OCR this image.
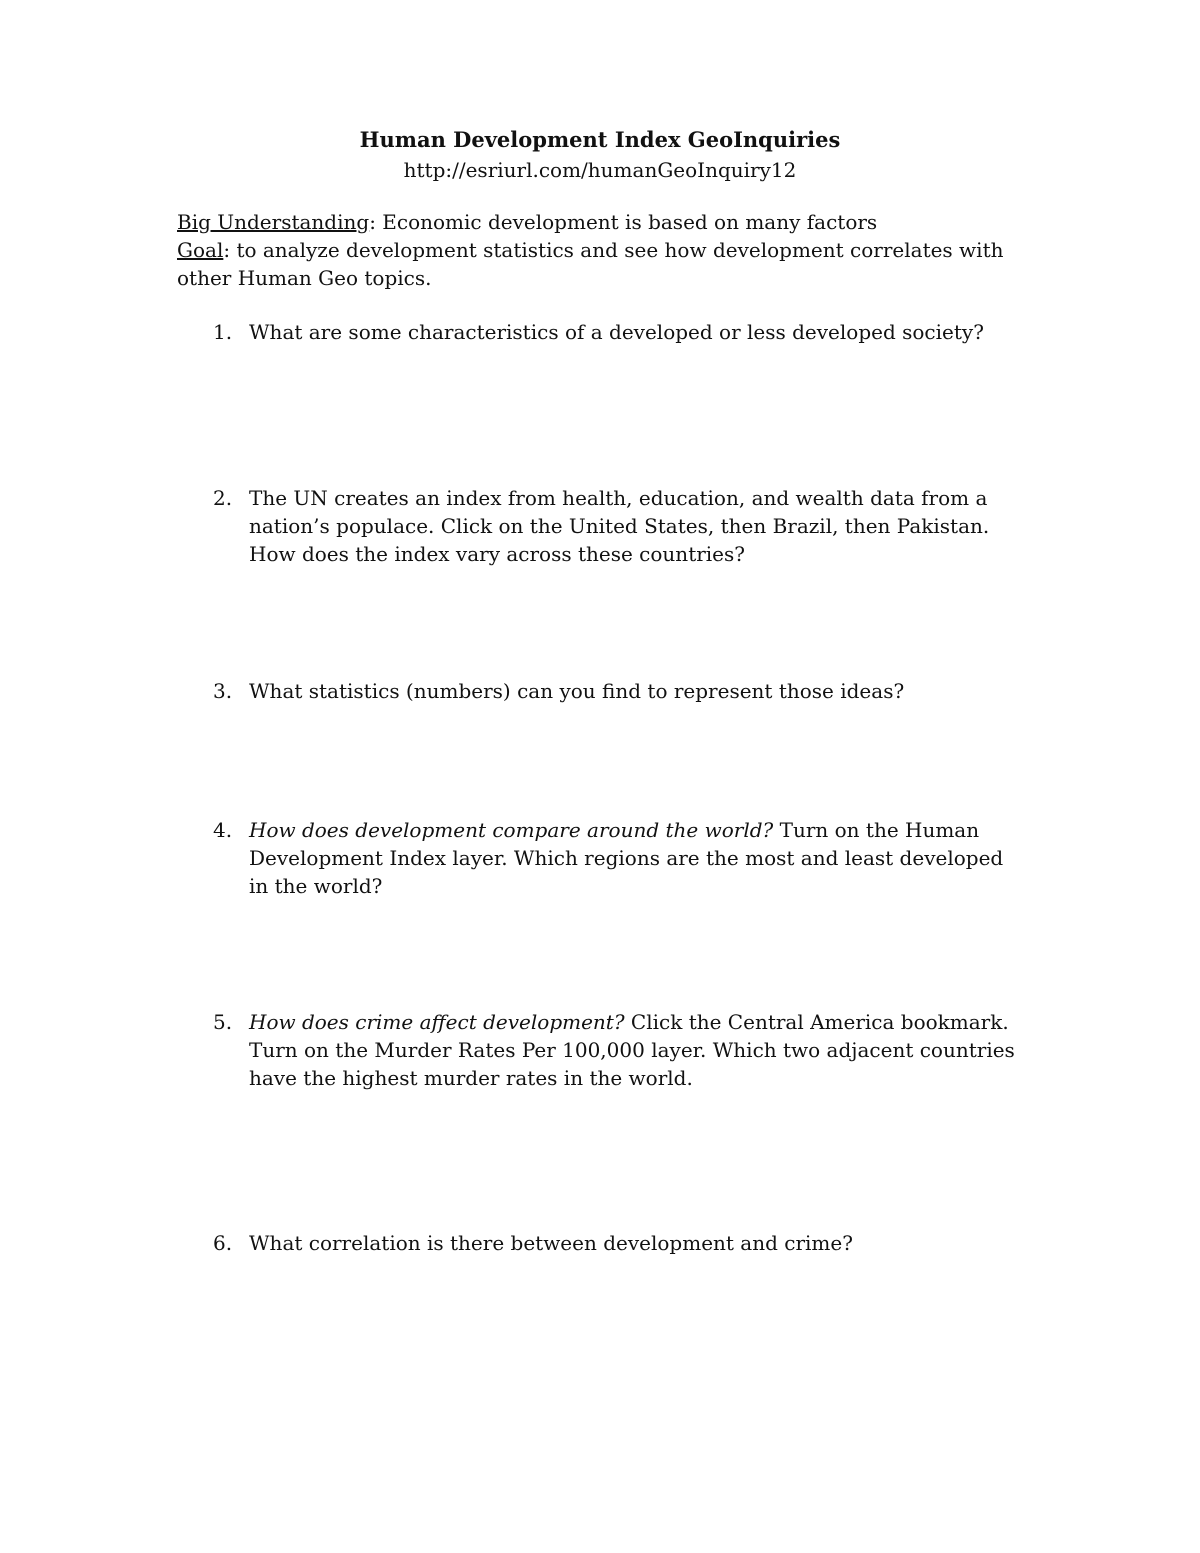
Human Development Index GeoInquiries
http://esriurl.com/humanGeoInquiry12

Big Understanding: Economic development is based on many factors

Goal: to analyze development statistics and see how development correlates with other Human Geo topics.

1. What are some characteristics of a developed or less developed society?
2. The UN creates an index from health, education, and wealth data from a nation’s populace. Click on the United States, then Brazil, then Pakistan. How does the index vary across these countries?
3. What statistics (numbers) can you find to represent those ideas?
4. How does development compare around the world? Turn on the Human Development Index layer. Which regions are the most and least developed in the world?
5. How does crime affect development? Click the Central America bookmark. Turn on the Murder Rates Per 100,000 layer. Which two adjacent countries have the highest murder rates in the world.
6. What correlation is there between development and crime?
